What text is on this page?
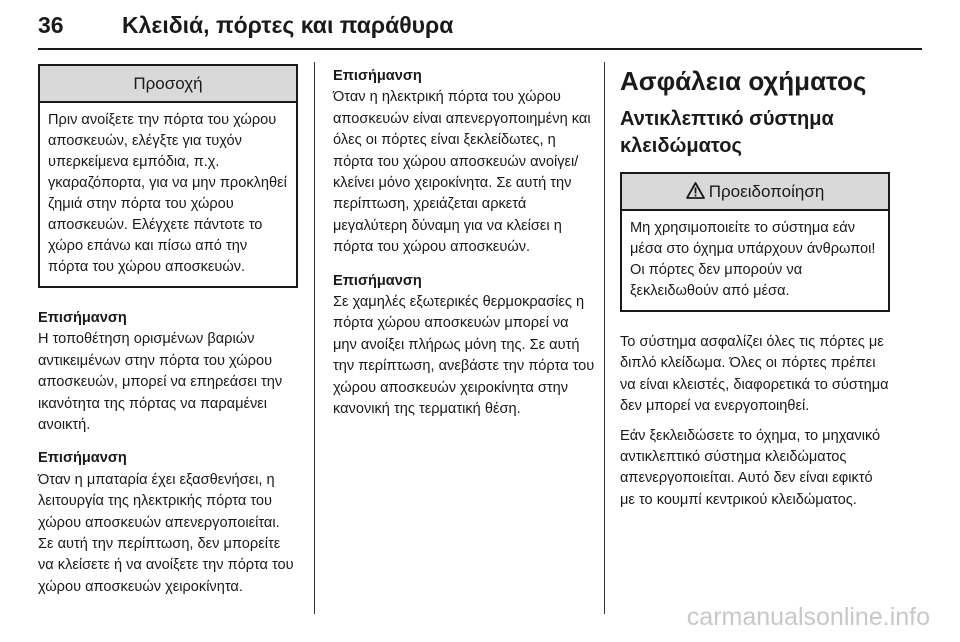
36	Κλειδιά, πόρτες και παράθυρα
Προσοχή
Πριν ανοίξετε την πόρτα του χώρου αποσκευών, ελέγξτε για τυχόν υπερκείμενα εμπόδια, π.χ. γκαραζόπορτα, για να μην προκληθεί ζημιά στην πόρτα του χώρου αποσκευών. Ελέγχετε πάντοτε το χώρο επάνω και πίσω από την πόρτα του χώρου αποσκευών.
Επισήμανση
Η τοποθέτηση ορισμένων βαριών αντικειμένων στην πόρτα του χώρου αποσκευών, μπορεί να επηρεάσει την ικανότητα της πόρτας να παραμένει ανοικτή.
Επισήμανση
Όταν η μπαταρία έχει εξασθενήσει, η λειτουργία της ηλεκτρικής πόρτα του χώρου αποσκευών απενεργοποιείται. Σε αυτή την περίπτωση, δεν μπορείτε να κλείσετε ή να ανοίξετε την πόρτα του χώρου αποσκευών χειροκίνητα.
Επισήμανση
Όταν η ηλεκτρική πόρτα του χώρου αποσκευών είναι απενεργοποιημένη και όλες οι πόρτες είναι ξεκλείδωτες, η πόρτα του χώρου αποσκευών ανοίγει/κλείνει μόνο χειροκίνητα. Σε αυτή την περίπτωση, χρειάζεται αρκετά μεγαλύτερη δύναμη για να κλείσει η πόρτα του χώρου αποσκευών.
Επισήμανση
Σε χαμηλές εξωτερικές θερμοκρασίες η πόρτα χώρου αποσκευών μπορεί να μην ανοίξει πλήρως μόνη της. Σε αυτή την περίπτωση, ανεβάστε την πόρτα του χώρου αποσκευών χειροκίνητα στην κανονική της τερματική θέση.
Ασφάλεια οχήματος
Αντικλεπτικό σύστημα κλειδώματος
Προειδοποίηση
Μη χρησιμοποιείτε το σύστημα εάν μέσα στο όχημα υπάρχουν άνθρωποι! Οι πόρτες δεν μπορούν να ξεκλειδωθούν από μέσα.

Το σύστημα ασφαλίζει όλες τις πόρτες με διπλό κλείδωμα. Όλες οι πόρτες πρέπει να είναι κλειστές, διαφορετικά το σύστημα δεν μπορεί να ενεργοποιηθεί.

Εάν ξεκλειδώσετε το όχημα, το μηχανικό αντικλεπτικό σύστημα κλειδώματος απενεργοποιείται. Αυτό δεν είναι εφικτό με το κουμπί κεντρικού κλειδώματος.

carmanualsonline.info
